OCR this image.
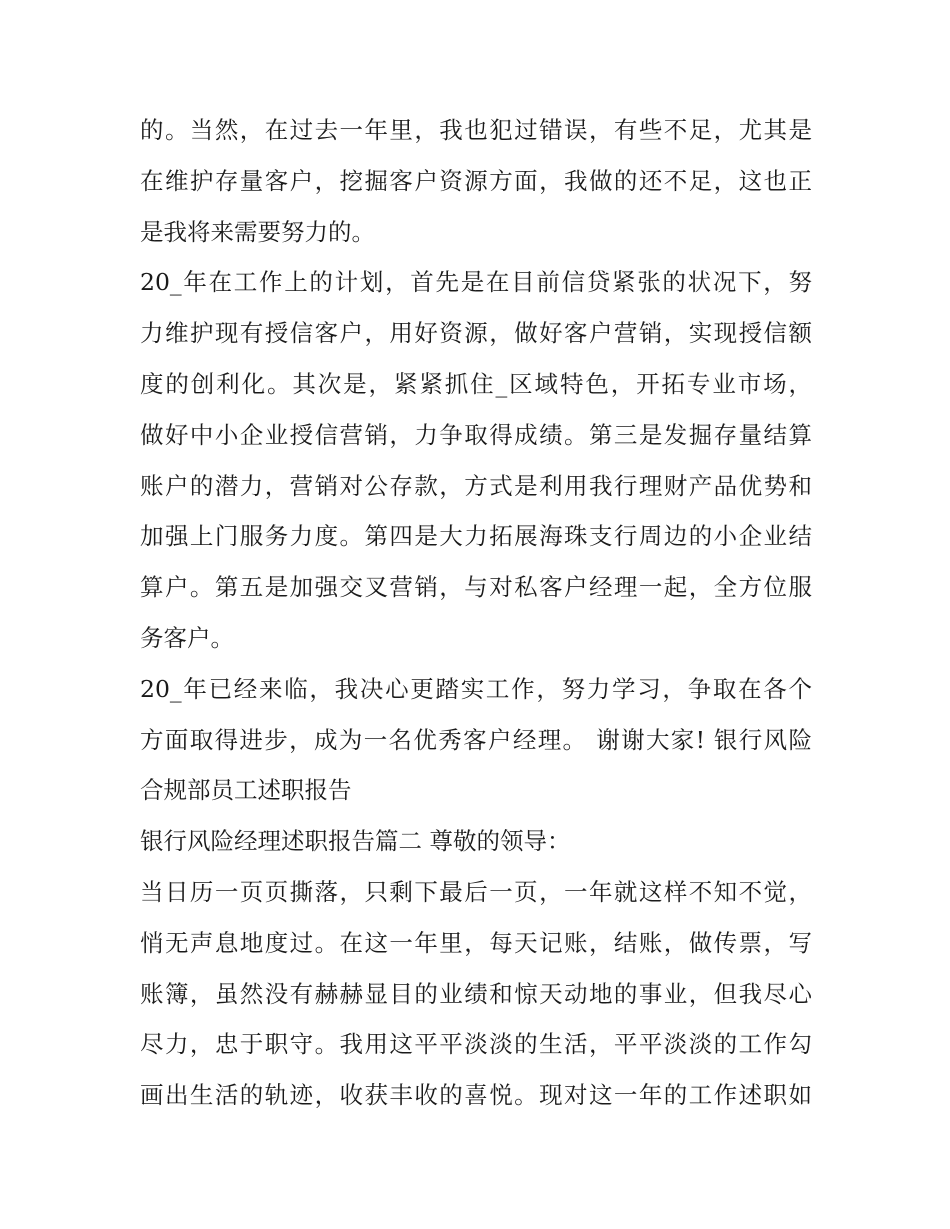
的。当然，在过去一年里，我也犯过错误，有些不足，尤其是
在维护存量客户，挖掘客户资源方面，我做的还不足，这也正
是我将来需要努力的。
20_年在工作上的计划，首先是在目前信贷紧张的状况下，努
力维护现有授信客户，用好资源，做好客户营销，实现授信额
度的创利化。其次是，紧紧抓住_区域特色，开拓专业市场，
做好中小企业授信营销，力争取得成绩。第三是发掘存量结算
账户的潜力，营销对公存款，方式是利用我行理财产品优势和
加强上门服务力度。第四是大力拓展海珠支行周边的小企业结
算户。第五是加强交叉营销，与对私客户经理一起，全方位服
务客户。
20_年已经来临，我决心更踏实工作，努力学习，争取在各个
方面取得进步，成为一名优秀客户经理。 谢谢大家! 银行风险
合规部员工述职报告
银行风险经理述职报告篇二 尊敬的领导：
当日历一页页撕落，只剩下最后一页，一年就这样不知不觉，
悄无声息地度过。在这一年里，每天记账，结账，做传票，写
账簿，虽然没有赫赫显目的业绩和惊天动地的事业，但我尽心
尽力，忠于职守。我用这平平淡淡的生活，平平淡淡的工作勾
画出生活的轨迹，收获丰收的喜悦。现对这一年的工作述职如
